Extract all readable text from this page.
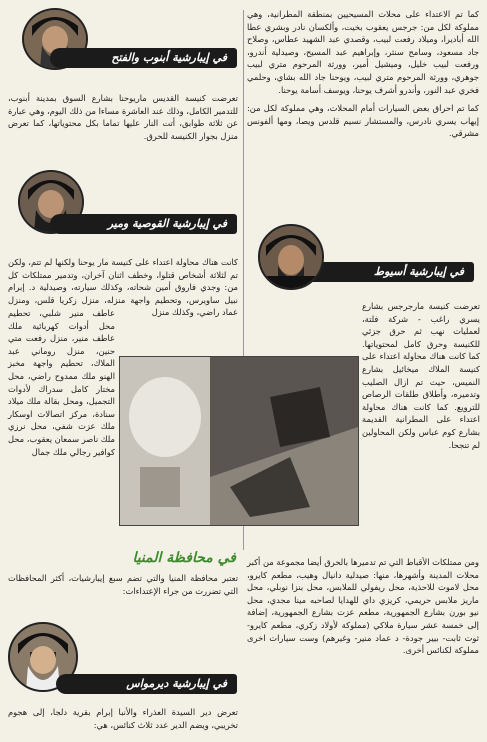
كما تم الاعتداء على محلات المسيحيين بمنطقة المطرانية، وهي مملوكة لكل من: جرجس يعقوب بخيت، وألكسان نادر وبشري عطا الله أباديرا، وميلاد رفعت لبيب، وقصدي عبد الشهيد عطاس، وصلاح جاد مسعود، وسامح سنثر، وإبراهيم عبد المسيح، وصيدلية أندرو، ورفعت لبيب خليل، وميشيل أمير، وورثة المرحوم متري لبيب جوهري، وورثة المرحوم متري لبيب، ويوحنا جاد الله بشاي، وحلمي فخري عبد النور، وأندرو أشرف يوحنا، ويوسف أسامة يوحنا.

كما تم احراق بعض السيارات أمام المحلات، وهي مملوكة لكل من: إيهاب يسري نادرس، والمستشار نسيم قلدس ويصا، ومها ألفونس مشرقي.

في إيبارشية أسيوط

تعرضت كنيسة مارجرجس بشارع يسري راغب - شركة فلتة، لعمليات نهب ثم حرق جزئي للكنيسة وحرق كامل لمحتوياتها. كما كانت هناك محاولة اعتداء على كنيسة الملاك ميخائيل بشارع النميس، حيث تم ازال الصليب وتدميره، وأطلاق طلقات الرصاص للترويع. كما كانت هناك محاولة اعتداء على المطرانية القديمة بشارع كوم عباس ولكن المحاولين لم تنجحا.

ومن ممتلكات الأقباط التي تم تدميرها بالحرق أيضا مجموعة من أكبر محلات المدينة وأشهرها، منها: صيدلية دانيال وهيب، مطعم كايرو، محل لاموت للاحذية، محل ريفولي للملابس، محل بنزا نوبلي، محل ماريز ملابس حريمي، كريزي داي للهدايا لصاحبه مينا مجدي، محل نيو بورن بشارع الجمهورية، مطعم عزت بشارع الجمهورية، إضافة إلى خمسة عشر سيارة ملاكي (مملوكة لأولاد زكري، مطعم كايرو- ثوت ثابت- بيير جودة- د عماد منير- وغيرهم) وست سيارات اخرى مملوكة لكنائس أخرى.

في إيبارشية أبنوب والفتح

تعرضت كنيسة القديس ماريوحنا بشارع السوق بمدينة أبنوب، للتدمير الكامل، وذلك عند العاشرة مساءا من ذلك اليوم، وهي عبارة عن ثلاثة طوابق، أتت النار عليها تماما بكل محتوياتها، كما تعرض منزل بجوار الكنيسة للحرق.

في إيبارشية القوصية ومير

كانت هناك محاولة اعتداء على كنيسة مار يوحنا ولكنها لم تتم، ولكن تم لثلاثة أشخاص قتلوا، وخطف اثنان آخران، وتدمير ممتلكات كل من: وجدي فاروق أمين شحاته، وكذلك سيارته، وصيدلية د. إبرام نبيل ساويرس، وتحطيم واجهة منزله، منزل زكريا قلس، ومنزل عماد راضي، وكذلك منزل

عاطف منير شلبي، تحطيم محل أدوات كهربائية ملك عاطف منير، منزل رفعت متي حنين، منزل روماني عبد الملاك، تحطيم واجهة مخبز الهنو ملك ممدوح راضي، محل مختار كامل سدراك لأدوات التجميل، ومحل بقالة ملك ميلاد سنادة، مركز اتصالات اوسكار ملك عزت شفي، محل نرزي ملك ناصر سمعان يعقوب، محل كوافير رجالي ملك جمال

في محافظة المنيا

تعتبر محافظة المنيا والتي تضم سبع إيبارشيات، أكثر المحافظات التي تضررت من جراء الإعتداءات:

في إيبارشية ديرمواس

تعرض دير السيدة العذراء والأنبا إبرام بقرية دلجا، إلى هجوم تخريبي، ويضم الدير عدد ثلاث كنائس، هي:
